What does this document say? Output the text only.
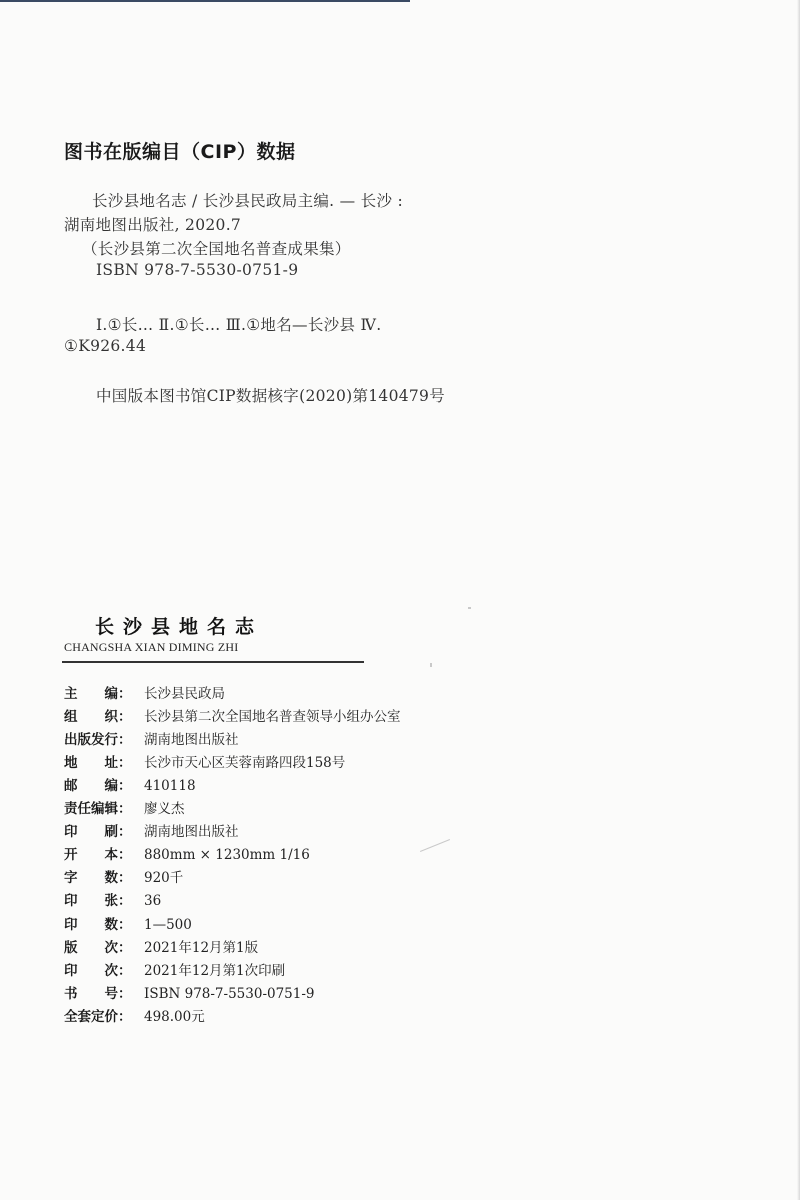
图书在版编目（CIP）数据
长沙县地名志 / 长沙县民政局主编. — 长沙 :
湖南地图出版社, 2020.7
（长沙县第二次全国地名普查成果集）
ISBN 978-7-5530-0751-9
Ⅰ.①长… Ⅱ.①长… Ⅲ.①地名—长沙县 Ⅳ.
①K926.44
中国版本图书馆CIP数据核字(2020)第140479号
长沙县地名志
CHANGSHA XIAN DIMING ZHI
主　　编： 长沙县民政局
组　　织： 长沙县第二次全国地名普查领导小组办公室
出版发行： 湖南地图出版社
地　　址： 长沙市天心区芙蓉南路四段158号
邮　　编： 410118
责任编辑： 廖义杰
印　　刷： 湖南地图出版社
开　　本： 880mm × 1230mm 1/16
字　　数： 920千
印　　张： 36
印　　数： 1—500
版　　次： 2021年12月第1版
印　　次： 2021年12月第1次印刷
书　　号： ISBN 978-7-5530-0751-9
全套定价： 498.00元
